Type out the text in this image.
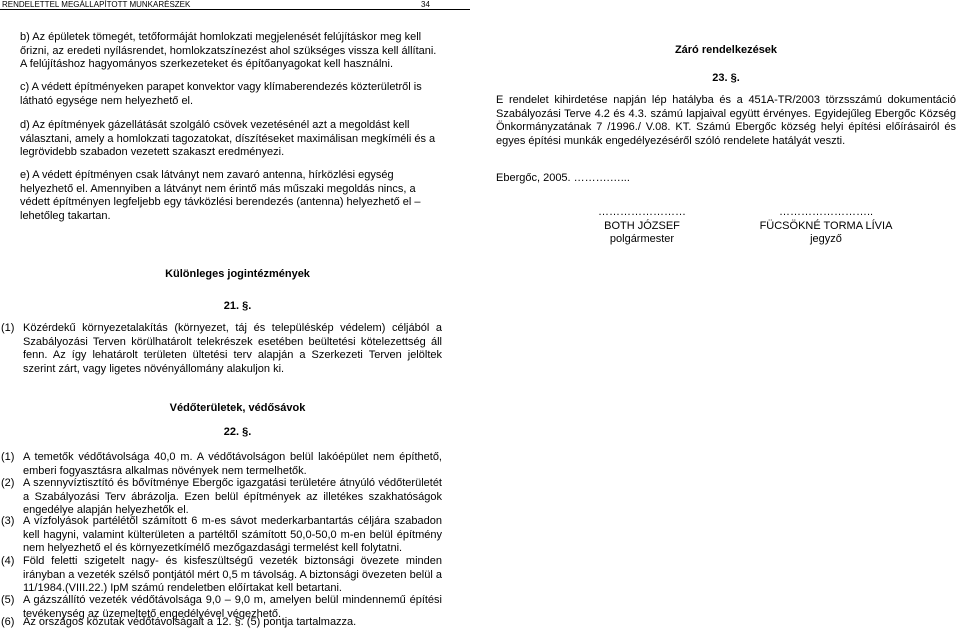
RENDELETTEL MEGÁLLAPÍTOTT MUNKARÉSZEK	34
b) Az épületek tömegét, tetőformáját homlokzati megjelenését felújításkor meg kell őrizni, az eredeti nyílásrendet, homlokzatszínezést ahol szükséges vissza kell állítani. A felújításhoz hagyományos szerkezeteket és építőanyagokat kell használni.
c) A védett építményeken parapet konvektor vagy klímaberendezés közterületről is látható egysége nem helyezhető el.
d) Az építmények gázellátását szolgáló csövek vezetésénél azt a megoldást kell választani, amely a homlokzati tagozatokat, díszítéseket maximálisan megkíméli és a legrövidebb szabadon vezetett szakaszt eredményezi.
e) A védett építményen csak látványt nem zavaró antenna, hírközlési egység helyezhető el. Amennyiben a látványt nem érintő más műszaki megoldás nincs, a védett építményen legfeljebb egy távközlési berendezés (antenna) helyezhető el – lehetőleg takartan.
Különleges jogintézmények
21. §.
(1) Közérdekű környezetalakítás (környezet, táj és településkép védelem) céljából a Szabályozási Terven körülhatárolt telekrészek esetében beültetési kötelezettség áll fenn. Az így lehatárolt területen ültetési terv alapján a Szerkezeti Terven jelöltek szerint zárt, vagy ligetes növényállomány alakuljon ki.
Védőterületek, védősávok
22. §.
(1) A temetők védőtávolsága 40,0 m. A védőtávolságon belül lakóépület nem építhető, emberi fogyasztásra alkalmas növények nem termelhetők.
(2) A szennyvíztisztító és bővítménye Ebergőc igazgatási területére átnyúló védőterületét a Szabályozási Terv ábrázolja. Ezen belül építmények az illetékes szakhatóságok engedélye alapján helyezhetők el.
(3) A vízfolyások partélétől számított 6 m-es sávot mederkarbantartás céljára szabadon kell hagyni, valamint külterületen a partéltől számított 50,0-50,0 m-en belül építmény nem helyezhető el és környezetkímélő mezőgazdasági termelést kell folytatni.
(4) Föld feletti szigetelt nagy- és kisfeszültségű vezeték biztonsági övezete minden irányban a vezeték szélső pontjától mért 0,5 m távolság. A biztonsági övezeten belül a 11/1984.(VIII.22.) IpM számú rendeletben előírtakat kell betartani.
(5) A gázszállító vezeték védőtávolsága 9,0 – 9,0 m, amelyen belül mindennemű építési tevékenység az üzemeltető engedélyével végezhető.
(6) Az országos közutak védőtávolságait a 12. §. (5) pontja tartalmazza.
Záró rendelkezések
23. §.
E rendelet kihirdetése napján lép hatályba és a 451A-TR/2003 törzsszámú dokumentáció Szabályozási Terve 4.2 és 4.3. számú lapjaival együtt érvényes. Egyidejűleg Ebergőc Község Önkormányzatának 7 /1996./ V.08. KT. Számú Ebergőc község helyi építési előírásairól és egyes építési munkák engedélyezéséről szóló rendelete hatályát veszti.
Ebergőc, 2005. ……….…...
……………………
BOTH JÓZSEF
polgármester
……………………..
FÜCSÖKNÉ TORMA LÍVIA
jegyző
